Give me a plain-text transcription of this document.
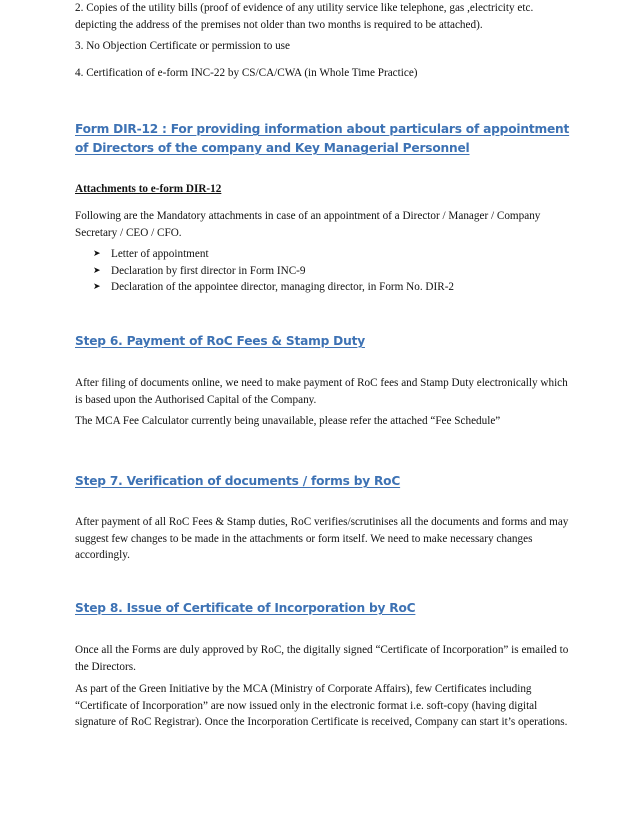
2. Copies of the utility bills (proof of evidence of any utility service like telephone, gas ,electricity etc. depicting the address of the premises not older than two months is required to be attached).
3. No Objection Certificate or permission to use
4. Certification of e-form INC-22 by CS/CA/CWA (in Whole Time Practice)
Form DIR-12 : For providing information about particulars of appointment of Directors of the company and Key Managerial Personnel
Attachments to e-form DIR-12
Following are the Mandatory attachments in case of an appointment of a Director / Manager / Company Secretary / CEO / CFO.
➤ Letter of appointment
➤ Declaration by first director in Form INC-9
➤ Declaration of the appointee director, managing director, in Form No. DIR-2
Step 6. Payment of RoC Fees & Stamp Duty
After filing of documents online, we need to make payment of RoC fees and Stamp Duty electronically which is based upon the Authorised Capital of the Company.
The MCA Fee Calculator currently being unavailable, please refer the attached “Fee Schedule”
Step 7. Verification of documents / forms by RoC
After payment of all RoC Fees & Stamp duties, RoC verifies/scrutinises all the documents and forms and may suggest few changes to be made in the attachments or form itself. We need to make necessary changes accordingly.
Step 8. Issue of Certificate of Incorporation by RoC
Once all the Forms are duly approved by RoC, the digitally signed “Certificate of Incorporation” is emailed to the Directors.
As part of the Green Initiative by the MCA (Ministry of Corporate Affairs), few Certificates including “Certificate of Incorporation” are now issued only in the electronic format i.e. soft-copy (having digital signature of RoC Registrar). Once the Incorporation Certificate is received, Company can start it’s operations.
